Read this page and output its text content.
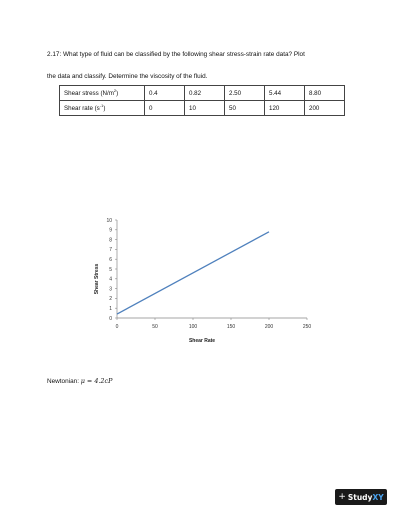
2.17: What type of fluid can be classified by the following shear stress-strain rate data? Plot
the data and classify. Determine the viscosity of the fluid.

Shear stress $(N/m^2)$	0.4	0.82	2.50	5.44	8.80
Shear rate $(s^{-1})$	0	10	50	120	200
0
1
2
3
4
5
6
7
8
9
10
0	50	100	150	200	250
Shear Rate
Shear Stress

Newtonian: μ = 4.2cP

+ Study XY
